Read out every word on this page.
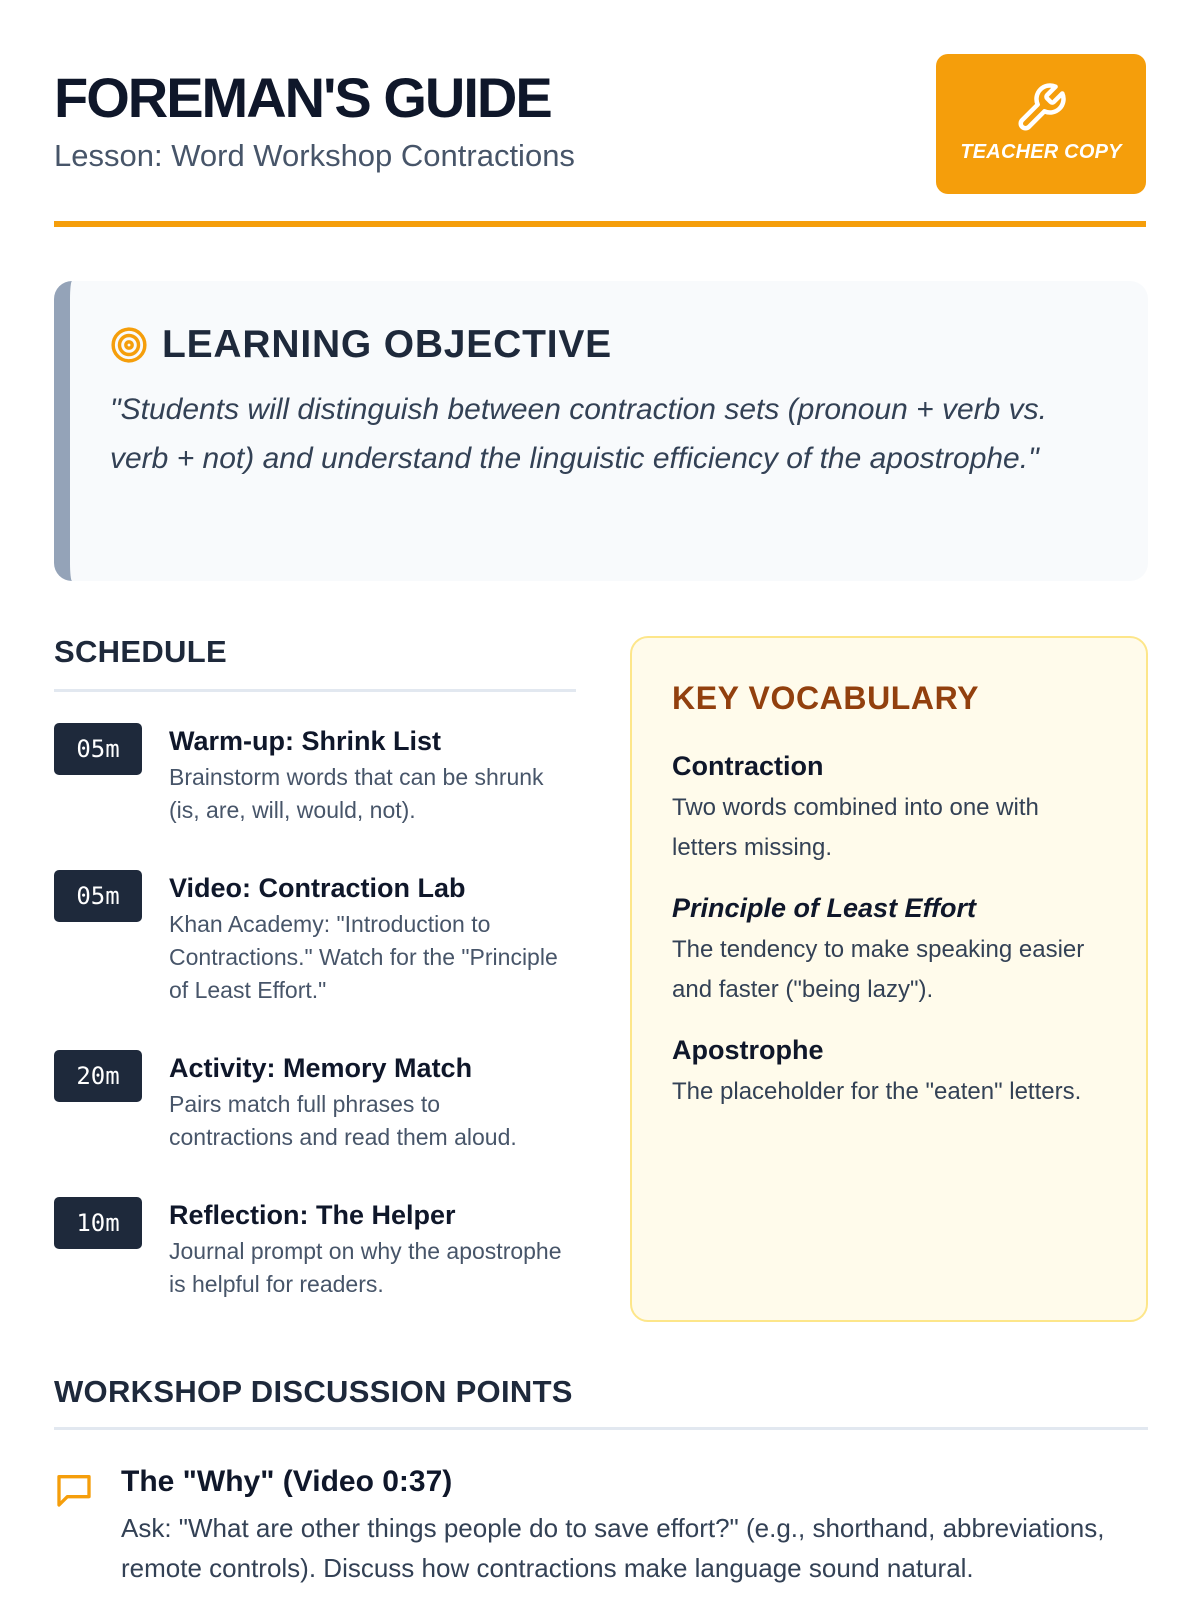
FOREMAN'S GUIDE
Lesson: Word Workshop Contractions	TEACHER COPY
LEARNING OBJECTIVE
"Students will distinguish between contraction sets (pronoun + verb vs. verb + not) and understand the linguistic efficiency of the apostrophe."
SCHEDULE
05m	Warm-up: Shrink List
Brainstorm words that can be shrunk (is, are, will, would, not).
05m	Video: Contraction Lab
Khan Academy: "Introduction to Contractions." Watch for the "Principle of Least Effort."
20m	Activity: Memory Match
Pairs match full phrases to contractions and read them aloud.
10m	Reflection: The Helper
Journal prompt on why the apostrophe is helpful for readers.
KEY VOCABULARY
Contraction
Two words combined into one with letters missing.
Principle of Least Effort
The tendency to make speaking easier and faster ("being lazy").
Apostrophe
The placeholder for the "eaten" letters.
WORKSHOP DISCUSSION POINTS
The "Why" (Video 0:37)
Ask: "What are other things people do to save effort?" (e.g., shorthand, abbreviations, remote controls). Discuss how contractions make language sound natural.
